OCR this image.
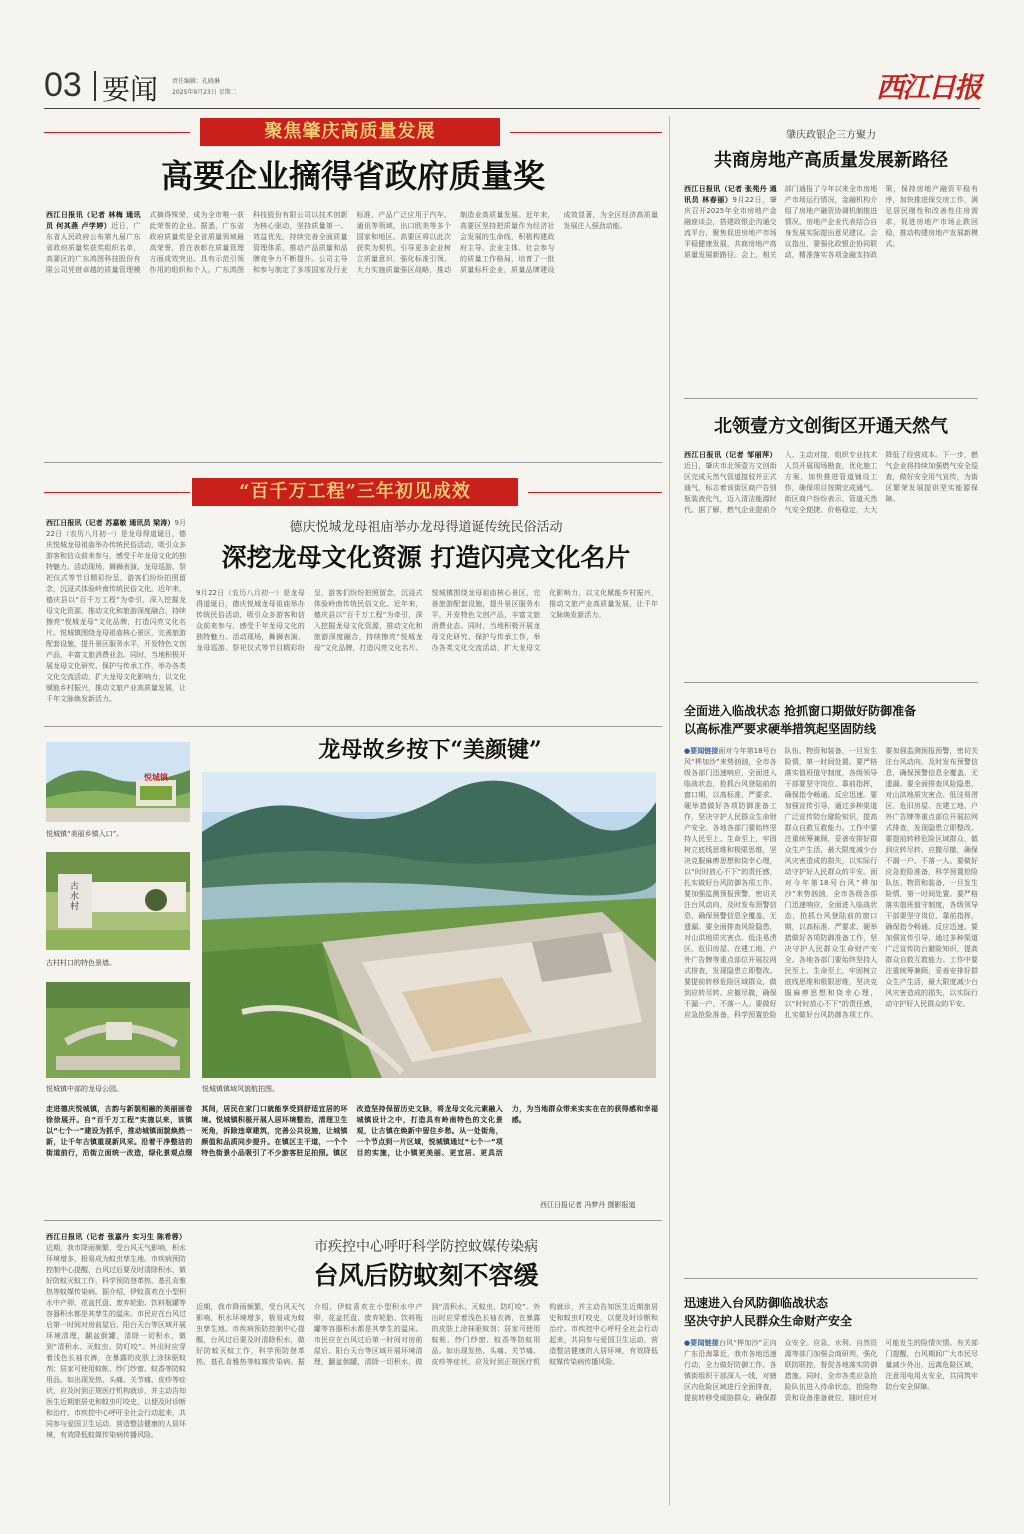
03 要闻 责任编辑：孔晓琳
2025年9月23日 星期二	西江日报
聚焦肇庆高质量发展
高要企业摘得省政府质量奖
西江日报讯（记者 林梅 通讯员 何其燕 卢学婷）近日，广东省人民政府公布第九届广东省政府质量奖获奖组织名单，高要区的广东鸿图科技股份有限公司凭借卓越的质量管理模式摘得殊荣，成为全市唯一获此荣誉的企业。据悉，广东省政府质量奖是全省质量领域最高荣誉，旨在表彰在质量管理方面成效突出、具有示范引领作用的组织和个人。广东鸿图科技股份有限公司以技术创新为核心驱动，坚持质量第一、效益优先，持续完善全面质量管理体系，推动产品质量和品牌竞争力不断提升。公司主导和参与制定了多项国家及行业标准，产品广泛应用于汽车、通讯等领域，出口欧美等多个国家和地区。高要区将以此次获奖为契机，引导更多企业树立质量意识，强化标准引领，大力实施质量强区战略，推动制造业高质量发展。近年来，高要区坚持把质量作为经济社会发展的生命线，积极构建政府主导、企业主体、社会参与的质量工作格局，培育了一批质量标杆企业，质量品牌建设成效显著，为全区经济高质量发展注入强劲动能。
肇庆政银企三方聚力
共商房地产高质量发展新路径
西江日报讯（记者 张苑丹 通讯员 林春丽）9月22日，肇庆召开2025年全市房地产金融座谈会，搭建政银企沟通交流平台，聚焦促进房地产市场平稳健康发展，共商房地产高质量发展新路径。会上，相关部门通报了今年以来全市房地产市场运行情况，金融机构介绍了房地产融资协调机制推进情况，房地产企业代表结合自身发展实际提出意见建议。会议指出，要强化政银企协同联动，精准落实各项金融支持政策，保持房地产融资平稳有序，加快推进保交房工作，满足居民刚性和改善性住房需求，促进房地产市场止跌回稳，推动构建房地产发展新模式。
北领壹方文创街区开通天然气
西江日报讯（记者 邹丽萍）近日，肇庆市北领壹方文创街区完成天然气管道接驳并正式通气，标志着该街区商户告别瓶装液化气，迈入清洁能源时代。据了解，燃气企业提前介入、主动对接，组织专业技术人员开展现场勘查，优化施工方案，加快推进管道铺设工作，确保项目按期完成通气。街区商户纷纷表示，管道天然气安全便捷、价格稳定，大大降低了经营成本。下一步，燃气企业将持续加强燃气安全巡查，做好安全用气宣传，为街区繁荣发展提供坚实能源保障。
“百千万工程”三年初见成效
德庆悦城龙母祖庙举办龙母得道诞传统民俗活动
深挖龙母文化资源 打造闪亮文化名片
西江日报讯（记者 苏嘉敏 通讯员 梁涛）9月22日（农历八月初一）是龙母得道诞日，德庆悦城龙母祖庙举办传统民俗活动，吸引众多游客和信众前来参与，感受千年龙母文化的独特魅力。活动现场，舞狮表演、龙母巡游、祭祀仪式等节目精彩纷呈，游客们纷纷拍照留念，沉浸式体验岭南传统民俗文化。近年来，德庆县以“百千万工程”为牵引，深入挖掘龙母文化资源，推动文化和旅游深度融合，持续擦亮“悦城龙母”文化品牌，打造闪亮文化名片。悦城镇围绕龙母祖庙核心景区，完善旅游配套设施，提升景区服务水平，开发特色文创产品，丰富文旅消费业态。同时，当地积极开展龙母文化研究、保护与传承工作，举办各类文化交流活动，扩大龙母文化影响力，以文化赋能乡村振兴，推动文旅产业高质量发展，让千年文脉焕发新活力。
9月22日（农历八月初一）是龙母得道诞日，德庆悦城龙母祖庙举办传统民俗活动，吸引众多游客和信众前来参与，感受千年龙母文化的独特魅力。活动现场，舞狮表演、龙母巡游、祭祀仪式等节目精彩纷呈，游客们纷纷拍照留念，沉浸式体验岭南传统民俗文化。近年来，德庆县以“百千万工程”为牵引，深入挖掘龙母文化资源，推动文化和旅游深度融合，持续擦亮“悦城龙母”文化品牌，打造闪亮文化名片。悦城镇围绕龙母祖庙核心景区，完善旅游配套设施，提升景区服务水平，开发特色文创产品，丰富文旅消费业态。同时，当地积极开展龙母文化研究、保护与传承工作，举办各类文化交流活动，扩大龙母文化影响力，以文化赋能乡村振兴，推动文旅产业高质量发展，让千年文脉焕发新活力。
全面进入临战状态 抢抓窗口期做好防御准备
以高标准严要求硬举措筑起坚固防线
●要闻链接面对今年第18号台风“桦加沙”来势汹汹，全市各级各部门迅速响应，全面进入临战状态，抢抓台风登陆前的窗口期，以高标准、严要求、硬举措做好各项防御准备工作，坚决守护人民群众生命财产安全。各地各部门要始终坚持人民至上、生命至上，牢固树立底线思维和极限思维，坚决克服麻痹思想和侥幸心理，以“时时放心不下”的责任感，扎实做好台风防御各项工作。要加强监测预报预警，密切关注台风动向，及时发布预警信息，确保预警信息全覆盖、无遗漏。要全面排查风险隐患，对山洪地质灾害点、低洼易涝区、危旧房屋、在建工地、户外广告牌等重点部位开展拉网式排查，发现隐患立即整改。要提前转移危险区域群众，做到应转尽转、应撤尽撤，确保不漏一户、不落一人。要做好应急抢险准备，科学预置抢险队伍、物资和装备，一旦发生险情，第一时间处置。要严格落实值班值守制度，各级领导干部要坚守岗位、靠前指挥，确保指令畅通、反应迅速。要加强宣传引导，通过多种渠道广泛宣传防台避险知识，提高群众自救互救能力。工作中要注重统筹兼顾，妥善安排好群众生产生活，最大限度减少台风灾害造成的损失，以实际行动守护好人民群众的平安。面对今年第18号台风“桦加沙”来势汹汹，全市各级各部门迅速响应，全面进入临战状态，抢抓台风登陆前的窗口期，以高标准、严要求、硬举措做好各项防御准备工作，坚决守护人民群众生命财产安全。各地各部门要始终坚持人民至上、生命至上，牢固树立底线思维和极限思维，坚决克服麻痹思想和侥幸心理，以“时时放心不下”的责任感，扎实做好台风防御各项工作。要加强监测预报预警，密切关注台风动向，及时发布预警信息，确保预警信息全覆盖、无遗漏。要全面排查风险隐患，对山洪地质灾害点、低洼易涝区、危旧房屋、在建工地、户外广告牌等重点部位开展拉网式排查，发现隐患立即整改。要提前转移危险区域群众，做到应转尽转、应撤尽撤，确保不漏一户、不落一人。要做好应急抢险准备，科学预置抢险队伍、物资和装备，一旦发生险情，第一时间处置。要严格落实值班值守制度，各级领导干部要坚守岗位、靠前指挥，确保指令畅通、反应迅速。要加强宣传引导，通过多种渠道广泛宣传防台避险知识，提高群众自救互救能力。工作中要注重统筹兼顾，妥善安排好群众生产生活，最大限度减少台风灾害造成的损失，以实际行动守护好人民群众的平安。
龙母故乡按下“美颜键”
悦城镇
悦城镇“美丽乡镇入口”。
古水村
古村村口的特色景墙。
悦城镇中部的龙母公园。	悦城镇镇域风貌航拍图。
走进德庆悦城镇，古韵与新貌相融的美丽画卷徐徐展开。自“百千万工程”实施以来，该镇以“七个一”建设为抓手，推动城镇面貌焕然一新，让千年古镇重现新风采。沿着干净整洁的街道前行，沿街立面统一改造，绿化景观点缀其间，居民在家门口就能享受到舒适宜居的环境。悦城镇积极开展人居环境整治，清理卫生死角，拆除违章建筑，完善公共设施，让城镇颜值和品质同步提升。在镇区主干道，一个个特色街景小品吸引了不少游客驻足拍照。镇区改造坚持保留历史文脉，将龙母文化元素融入城镇设计之中，打造具有岭南特色的文化景观，让古镇在焕新中留住乡愁。从一处街角，一个节点到一片区域，悦城镇通过“七个一”项目的实施，让小镇更美丽、更宜居、更具活力，为当地群众带来实实在在的获得感和幸福感。
西江日报记者 冯梦丹 摄影报道
西江日报讯（记者 张嘉丹 实习生 陈希蓉）近期，我市降雨频繁，受台风天气影响，积水环境增多，极易成为蚊虫孳生地。市疾病预防控制中心提醒，台风过后要及时清除积水，做好防蚊灭蚊工作，科学预防登革热、基孔肯雅热等蚊媒传染病。据介绍，伊蚊喜欢在小型积水中产卵，花盆托盘、废弃轮胎、饮料瓶罐等容器积水都是其孳生的温床。市民应在台风过后第一时间对房前屋后、阳台天台等区域开展环境清理，翻盆倒罐，清除一切积水，做到“清积水、灭蚊虫、防叮咬”。外出时应穿着浅色长袖衣裤，在暴露的皮肤上涂抹驱蚊剂；居家可使用蚊帐、纱门纱窗、蚊香等防蚊用品。如出现发热、头痛、关节痛、皮疹等症状，应及时到正规医疗机构就诊，并主动告知医生近期旅居史和蚊虫叮咬史，以便及时诊断和治疗。市疾控中心呼吁全社会行动起来，共同参与爱国卫生运动，营造整洁健康的人居环境，有效降低蚊媒传染病传播风险。
市疾控中心呼吁科学防控蚊媒传染病
台风后防蚊刻不容缓
近期，我市降雨频繁，受台风天气影响，积水环境增多，极易成为蚊虫孳生地。市疾病预防控制中心提醒，台风过后要及时清除积水，做好防蚊灭蚊工作，科学预防登革热、基孔肯雅热等蚊媒传染病。据介绍，伊蚊喜欢在小型积水中产卵，花盆托盘、废弃轮胎、饮料瓶罐等容器积水都是其孳生的温床。市民应在台风过后第一时间对房前屋后、阳台天台等区域开展环境清理，翻盆倒罐，清除一切积水，做到“清积水、灭蚊虫、防叮咬”。外出时应穿着浅色长袖衣裤，在暴露的皮肤上涂抹驱蚊剂；居家可使用蚊帐、纱门纱窗、蚊香等防蚊用品。如出现发热、头痛、关节痛、皮疹等症状，应及时到正规医疗机构就诊，并主动告知医生近期旅居史和蚊虫叮咬史，以便及时诊断和治疗。市疾控中心呼吁全社会行动起来，共同参与爱国卫生运动，营造整洁健康的人居环境，有效降低蚊媒传染病传播风险。
迅速进入台风防御临战状态
坚决守护人民群众生命财产安全
●要闻链接台风“桦加沙”正向广东沿海靠近，我市各地迅速行动，全力做好防御工作。各镇街组织干部深入一线，对辖区内危险区域进行全面排查，提前转移受威胁群众，确保群众安全。应急、水利、自然资源等部门加强会商研判，强化联防联控，督促各地落实防御措施。同时，全市各类应急抢险队伍进入待命状态，抢险物资和设备准备就位，随时应对可能发生的险情灾情。有关部门提醒，台风期间广大市民尽量减少外出，远离危险区域，注意用电用火安全，共同筑牢防台安全屏障。
